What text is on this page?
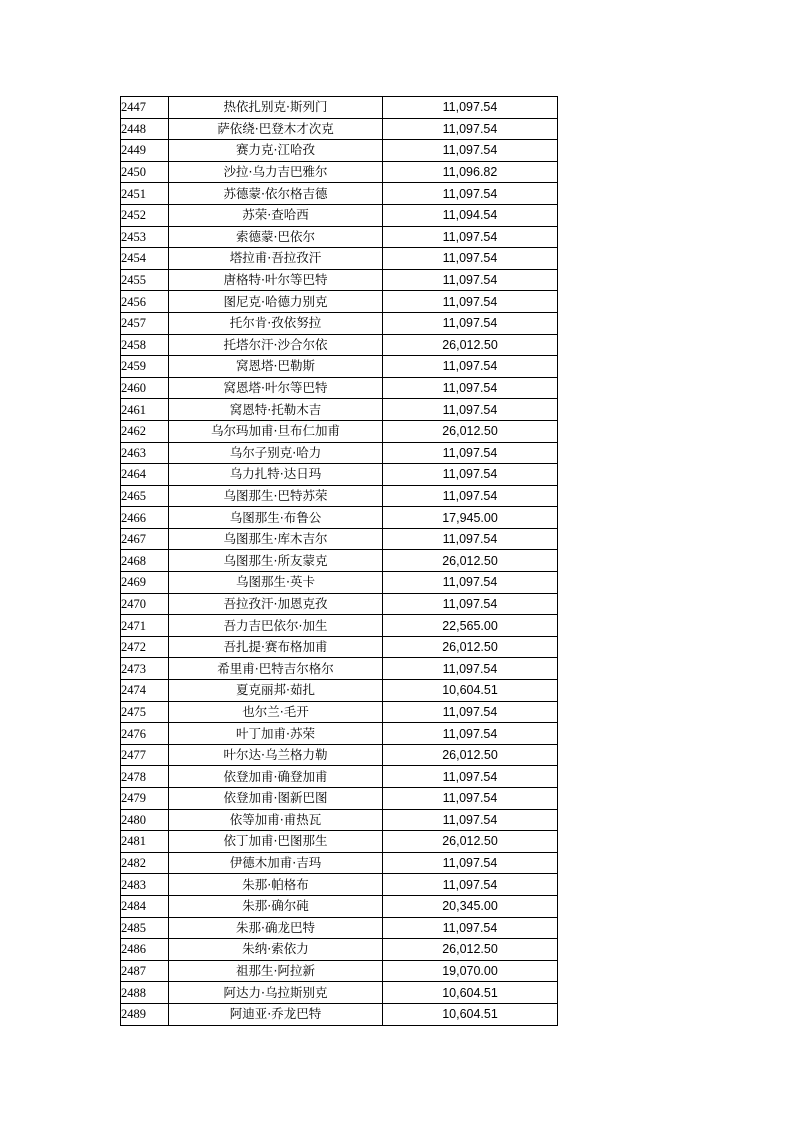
2447	热依扎别克·斯列门	11,097.54
2448	萨依绕·巴登木才次克	11,097.54
2449	赛力克·江哈孜	11,097.54
2450	沙拉·乌力吉巴雅尔	11,096.82
2451	苏德蒙·依尔格吉德	11,097.54
2452	苏荣·查哈西	11,094.54
2453	索德蒙·巴依尔	11,097.54
2454	塔拉甫·吾拉孜汗	11,097.54
2455	唐格特·叶尔等巴特	11,097.54
2456	图尼克·哈德力别克	11,097.54
2457	托尔肯·孜依努拉	11,097.54
2458	托塔尔汗·沙合尔依	26,012.50
2459	窝恩塔·巴勒斯	11,097.54
2460	窝恩塔·叶尔等巴特	11,097.54
2461	窝恩特·托勒木吉	11,097.54
2462	乌尔玛加甫·旦布仁加甫	26,012.50
2463	乌尔子别克·哈力	11,097.54
2464	乌力扎特·达日玛	11,097.54
2465	乌图那生·巴特苏荣	11,097.54
2466	乌图那生·布鲁公	17,945.00
2467	乌图那生·库木吉尔	11,097.54
2468	乌图那生·所友蒙克	26,012.50
2469	乌图那生·英卡	11,097.54
2470	吾拉孜汗·加恩克孜	11,097.54
2471	吾力吉巴依尔·加生	22,565.00
2472	吾扎提·赛布格加甫	26,012.50
2473	希里甫·巴特吉尔格尔	11,097.54
2474	夏克丽邦·茹扎	10,604.51
2475	也尔兰·毛开	11,097.54
2476	叶丁加甫·苏荣	11,097.54
2477	叶尔达·乌兰格力勒	26,012.50
2478	依登加甫·确登加甫	11,097.54
2479	依登加甫·图新巴图	11,097.54
2480	依等加甫·甫热瓦	11,097.54
2481	依丁加甫·巴图那生	26,012.50
2482	伊德木加甫·吉玛	11,097.54
2483	朱那·帕格布	11,097.54
2484	朱那·确尔砘	20,345.00
2485	朱那·确龙巴特	11,097.54
2486	朱纳·索依力	26,012.50
2487	祖那生·阿拉新	19,070.00
2488	阿达力·乌拉斯别克	10,604.51
2489	阿迪亚·乔龙巴特	10,604.51
